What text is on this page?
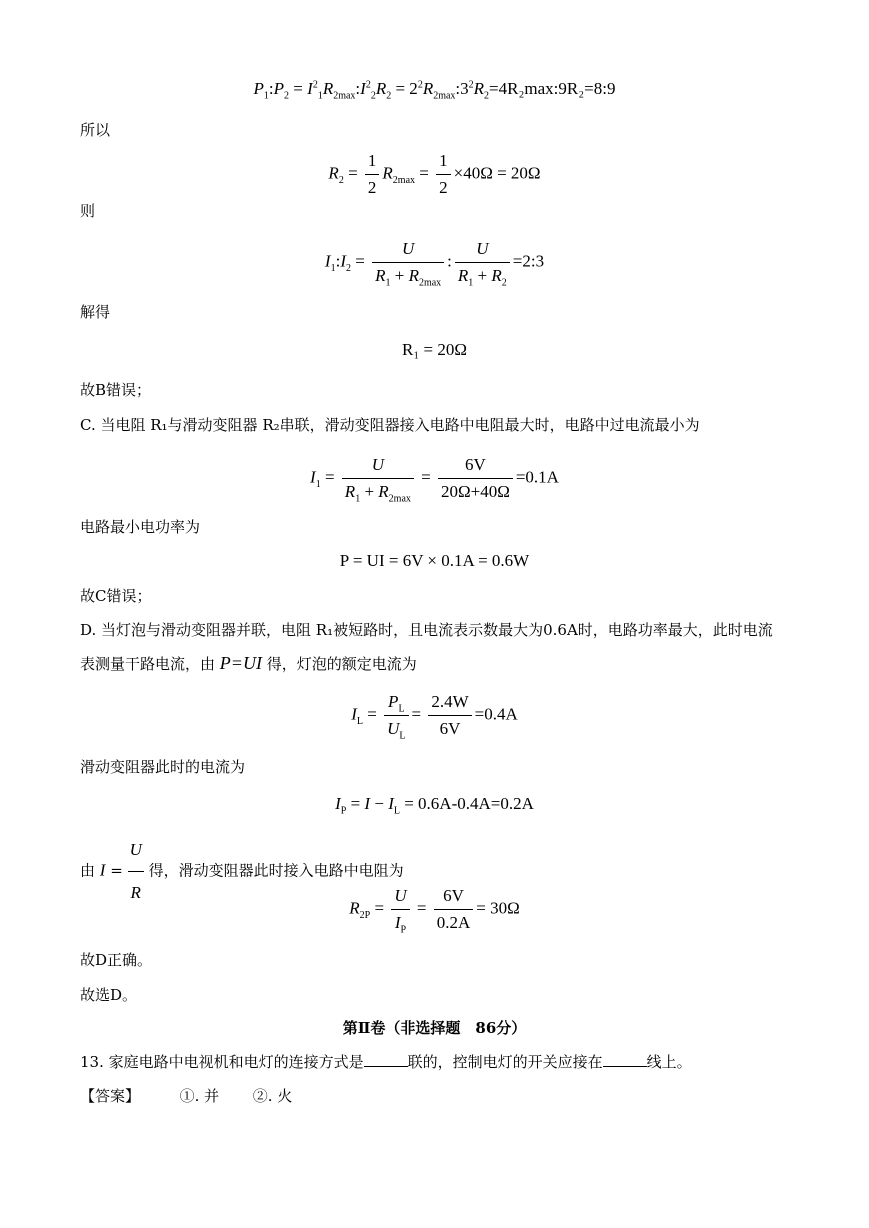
$P_1:P_2$ = $I^2_1R_{2max}:I^2_2R_2$ = $2^2R_{2max}:3^2R_2=4R_2\max:9R_2=8:9$
所以
$R_2 = \frac{1}{2} R_{2max} = \frac{1}{2} \times 40\Omega = 20\Omega$
则
$I_1:I_2 = \frac{U}{R_1 + R_{2max}}$ : $\frac{U}{R_1 + R_2}$ =2:3
解得
R₁ = 20Ω
故B错误；
C. 当电阻 R₁与滑动变阻器 R₂串联，滑动变阻器接入电路中电阻最大时，电路中过电流最小为
$I_1 = \frac{U}{R_1 + R_{2max}} = \frac{6V}{20\Omega+40\Omega} =0.1A$
电路最小电功率为
P = UI = 6V × 0.1A = 0.6W
故C错误；
D. 当灯泡与滑动变阻器并联，电阻 R₁被短路时，且电流表示数最大为0.6A时，电路功率最大，此时电流
表测量干路电流，由 P=UI 得，灯泡的额定电流为
$I_L = \frac{P_L}{U_L} = \frac{2.4W}{6V} =0.4A$
滑动变阻器此时的电流为
$I_P = I - I_L = 0.6A-0.4A=0.2A$
由 $I = \frac{U}{R}$ 得，滑动变阻器此时接入电路中电阻为
$R_{2P} = \frac{U}{I_P} = \frac{6V}{0.2A} = 30\Omega$
故D正确。
故选D。
第Ⅱ卷（非选择题　86分）
13. 家庭电路中电视机和电灯的连接方式是	联的，控制电灯的开关应接在	线上。
【答案】	①. 并 ②. 火
